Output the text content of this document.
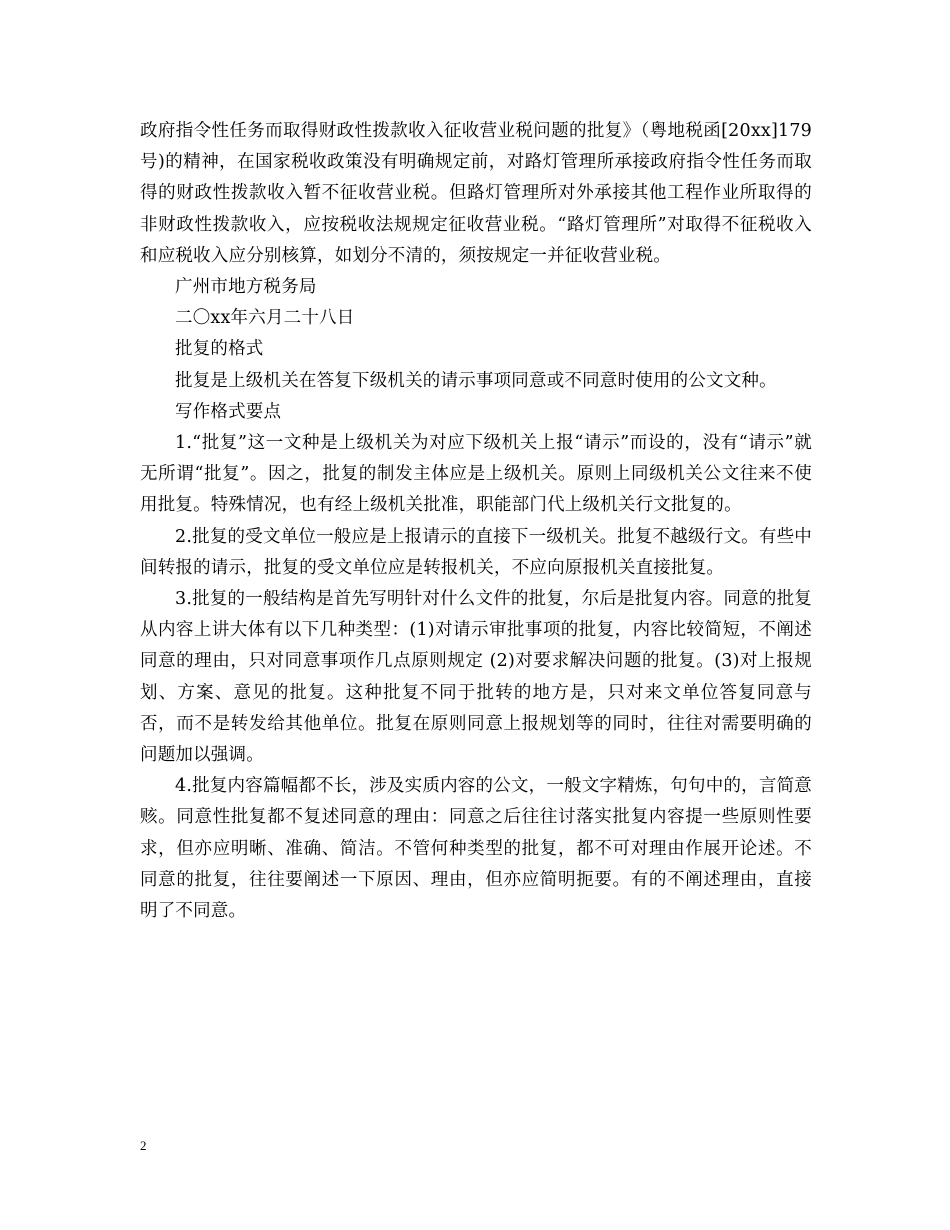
政府指令性任务而取得财政性拨款收入征收营业税问题的批复》（粤地税函[20xx]179号)的精神，在国家税收政策没有明确规定前，对路灯管理所承接政府指令性任务而取得的财政性拨款收入暂不征收营业税。但路灯管理所对外承接其他工程作业所取得的非财政性拨款收入，应按税收法规规定征收营业税。“路灯管理所”对取得不征税收入和应税收入应分别核算，如划分不清的，须按规定一并征收营业税。

广州市地方税务局

二〇xx年六月二十八日

批复的格式

批复是上级机关在答复下级机关的请示事项同意或不同意时使用的公文文种。

写作格式要点

1.“批复”这一文种是上级机关为对应下级机关上报“请示”而设的，没有“请示”就无所谓“批复”。因之，批复的制发主体应是上级机关。原则上同级机关公文往来不使用批复。特殊情况，也有经上级机关批准，职能部门代上级机关行文批复的。

2.批复的受文单位一般应是上报请示的直接下一级机关。批复不越级行文。有些中间转报的请示，批复的受文单位应是转报机关，不应向原报机关直接批复。

3.批复的一般结构是首先写明针对什么文件的批复，尔后是批复内容。同意的批复从内容上讲大体有以下几种类型：(1)对请示审批事项的批复，内容比较简短，不阐述同意的理由，只对同意事项作几点原则规定 (2)对要求解决问题的批复。(3)对上报规划、方案、意见的批复。这种批复不同于批转的地方是，只对来文单位答复同意与否，而不是转发给其他单位。批复在原则同意上报规划等的同时，往往对需要明确的问题加以强调。

4.批复内容篇幅都不长，涉及实质内容的公文，一般文字精炼，句句中的，言简意赅。同意性批复都不复述同意的理由：同意之后往往讨落实批复内容提一些原则性要求，但亦应明晰、准确、简洁。不管何种类型的批复，都不可对理由作展开论述。不同意的批复，往往要阐述一下原因、理由，但亦应简明扼要。有的不阐述理由，直接明了不同意。

2
